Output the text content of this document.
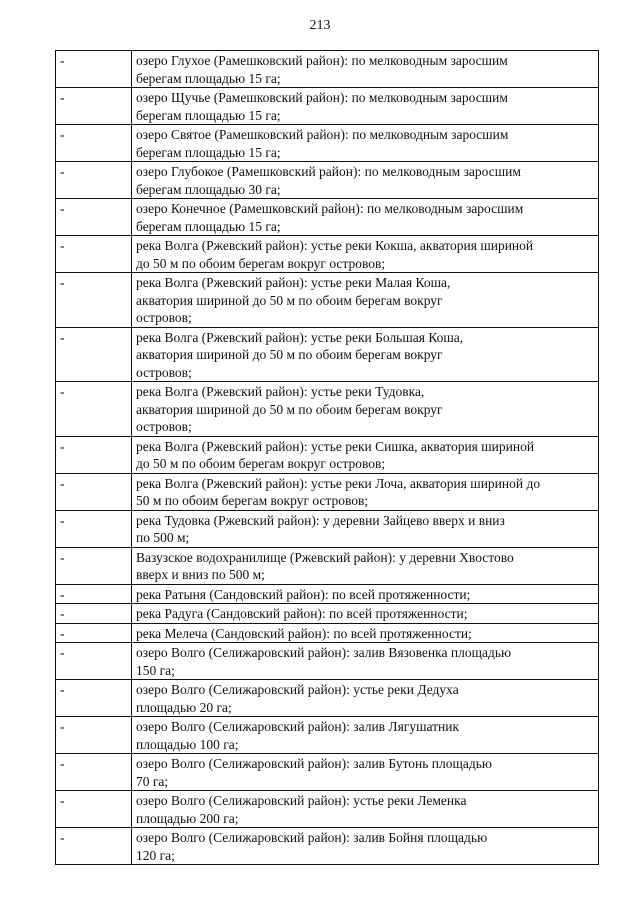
213
-	озеро Глухое (Рамешковский район): по мелководным заросшим
берегам площадью 15 га;

-	озеро Щучье (Рамешковский район): по мелководным заросшим
берегам площадью 15 га;

-	озеро Святое (Рамешковский район): по мелководным заросшим
берегам площадью 15 га;

-	озеро Глубокое (Рамешковский район): по мелководным заросшим
берегам площадью 30 га;

-	озеро Конечное (Рамешковский район): по мелководным заросшим
берегам площадью 15 га;

-	река Волга (Ржевский район): устье реки Кокша, акватория шириной
до 50 м по обоим берегам вокруг островов;

-	река Волга (Ржевский район): устье реки Малая Коша,
акватория шириной до 50 м по обоим берегам вокруг
островов;

-	река Волга (Ржевский район): устье реки Большая Коша,
акватория шириной до 50 м по обоим берегам вокруг
островов;

-	река Волга (Ржевский район): устье реки Тудовка,
акватория шириной до 50 м по обоим берегам вокруг
островов;

-	река Волга (Ржевский район): устье реки Сишка, акватория шириной
до 50 м по обоим берегам вокруг островов;

-	река Волга (Ржевский район): устье реки Лоча, акватория шириной до
50 м по обоим берегам вокруг островов;

-	река Тудовка (Ржевский район): у деревни Зайцево вверх и вниз
по 500 м;

-	Вазузское водохранилище (Ржевский район): у деревни Хвостово
вверх и вниз по 500 м;

-	река Ратыня (Сандовский район): по всей протяженности;

-	река Радуга (Сандовский район): по всей протяженности;

-	река Мелеча (Сандовский район): по всей протяженности;

-	озеро Волго (Селижаровский район): залив Вязовенка площадью
150 га;

-	озеро Волго (Селижаровский район): устье реки Дедуха
площадью 20 га;

-	озеро Волго (Селижаровский район): залив Лягушатник
площадью 100 га;

-	озеро Волго (Селижаровский район): залив Бутонь площадью
70 га;

-	озеро Волго (Селижаровский район): устье реки Леменка
площадью 200 га;

-	озеро Волго (Селижаровский район): залив Бойня площадью
120 га;
